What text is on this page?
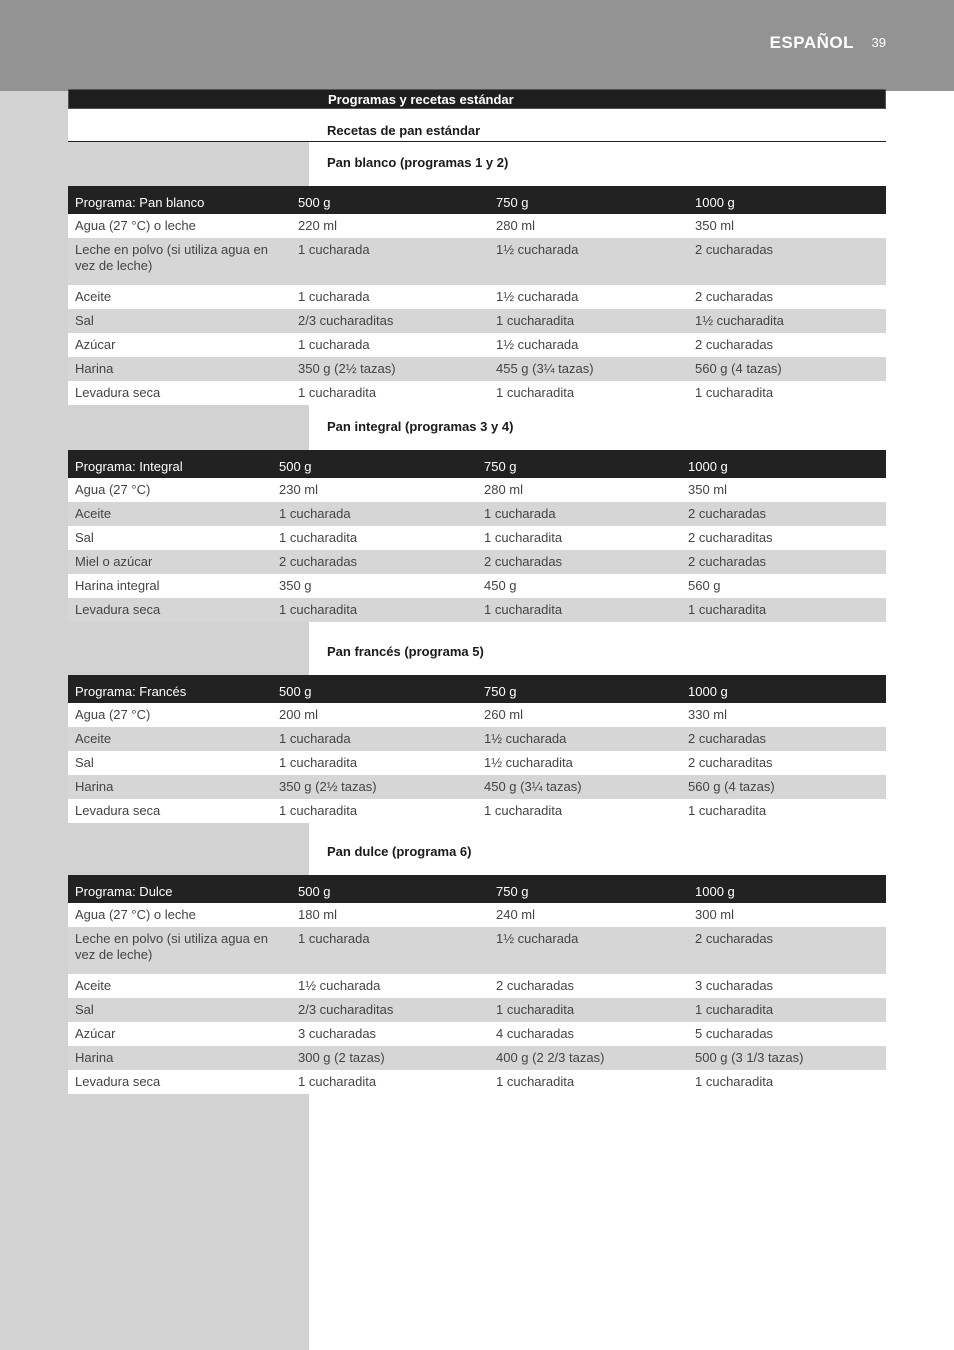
ESPAÑOL 39
Programas y recetas estándar
Recetas de pan estándar
Pan blanco (programas 1 y 2)
Programa: Pan blanco	500 g	750 g	1000 g
Agua (27 °C) o leche	220 ml	280 ml	350 ml
Leche en polvo (si utiliza agua en vez de leche)	1 cucharada	1½ cucharada	2 cucharadas
Aceite	1 cucharada	1½ cucharada	2 cucharadas
Sal	2/3 cucharaditas	1 cucharadita	1½ cucharadita
Azúcar	1 cucharada	1½ cucharada	2 cucharadas
Harina	350 g (2½ tazas)	455 g (3¼ tazas)	560 g (4 tazas)
Levadura seca	1 cucharadita	1 cucharadita	1 cucharadita
Pan integral (programas 3 y 4)
Programa: Integral	500 g	750 g	1000 g
Agua (27 °C)	230 ml	280 ml	350 ml
Aceite	1 cucharada	1 cucharada	2 cucharadas
Sal	1 cucharadita	1 cucharadita	2 cucharaditas
Miel o azúcar	2 cucharadas	2 cucharadas	2 cucharadas
Harina integral	350 g	450 g	560 g
Levadura seca	1 cucharadita	1 cucharadita	1 cucharadita
Pan francés (programa 5)
Programa: Francés	500 g	750 g	1000 g
Agua (27 °C)	200 ml	260 ml	330 ml
Aceite	1 cucharada	1½ cucharada	2 cucharadas
Sal	1 cucharadita	1½ cucharadita	2 cucharaditas
Harina	350 g (2½ tazas)	450 g (3¼ tazas)	560 g (4 tazas)
Levadura seca	1 cucharadita	1 cucharadita	1 cucharadita
Pan dulce (programa 6)
Programa: Dulce	500 g	750 g	1000 g
Agua (27 °C) o leche	180 ml	240 ml	300 ml
Leche en polvo (si utiliza agua en vez de leche)	1 cucharada	1½ cucharada	2 cucharadas
Aceite	1½ cucharada	2 cucharadas	3 cucharadas
Sal	2/3 cucharaditas	1 cucharadita	1 cucharadita
Azúcar	3 cucharadas	4 cucharadas	5 cucharadas
Harina	300 g (2 tazas)	400 g (2 2/3 tazas)	500 g (3 1/3 tazas)
Levadura seca	1 cucharadita	1 cucharadita	1 cucharadita
